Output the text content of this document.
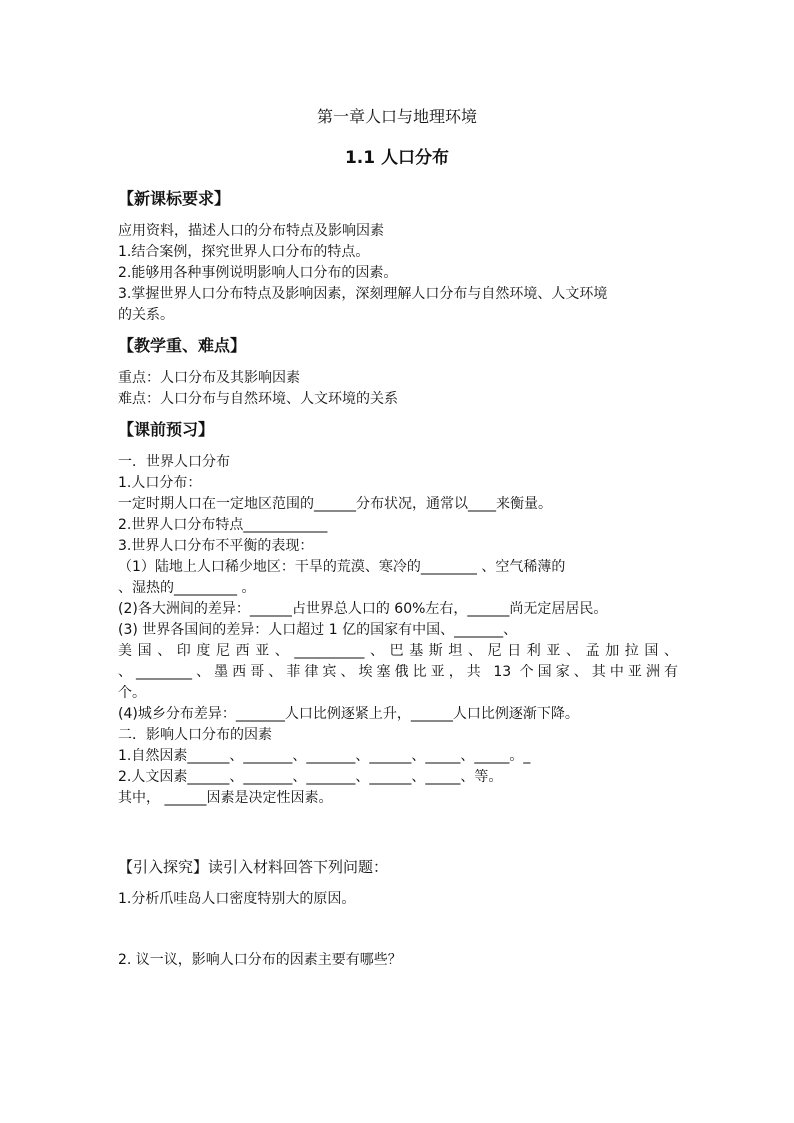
第一章人口与地理环境
1.1 人口分布
【新课标要求】
应用资料，描述人口的分布特点及影响因素
1.结合案例，探究世界人口分布的特点。
2.能够用各种事例说明影响人口分布的因素。
3.掌握世界人口分布特点及影响因素，深刻理解人口分布与自然环境、人文环境
的关系。
【教学重、难点】
重点：人口分布及其影响因素
难点：人口分布与自然环境、人文环境的关系
【课前预习】
一．世界人口分布
1.人口分布：
一定时期人口在一定地区范围的______分布状况，通常以____来衡量。
2.世界人口分布特点____________
3.世界人口分布不平衡的表现：
（1）陆地上人口稀少地区：干旱的荒漠、寒冷的________ 、空气稀薄的
、湿热的_________ 。
(2)各大洲间的差异：______占世界总人口的 60%左右，______尚无定居居民。
(3) 世界各国间的差异：人口超过 1 亿的国家有中国、_______、
美国、印度尼西亚、__________、巴基斯坦、尼日利亚、孟加拉国、
、________、墨西哥、菲律宾、埃塞俄比亚，共 13 个国家、其中亚洲有
个。
(4)城乡分布差异：_______人口比例逐紧上升，______人口比例逐渐下降。
二．影响人口分布的因素
1.自然因素______、_______、_______、______、_____、_____。_
2.人文因素______、_______、_______、______、_____、等。
其中， ______因素是决定性因素。
【引入探究】读引入材料回答下列问题：
1.分析爪哇岛人口密度特别大的原因。
2. 议一议，影响人口分布的因素主要有哪些？
